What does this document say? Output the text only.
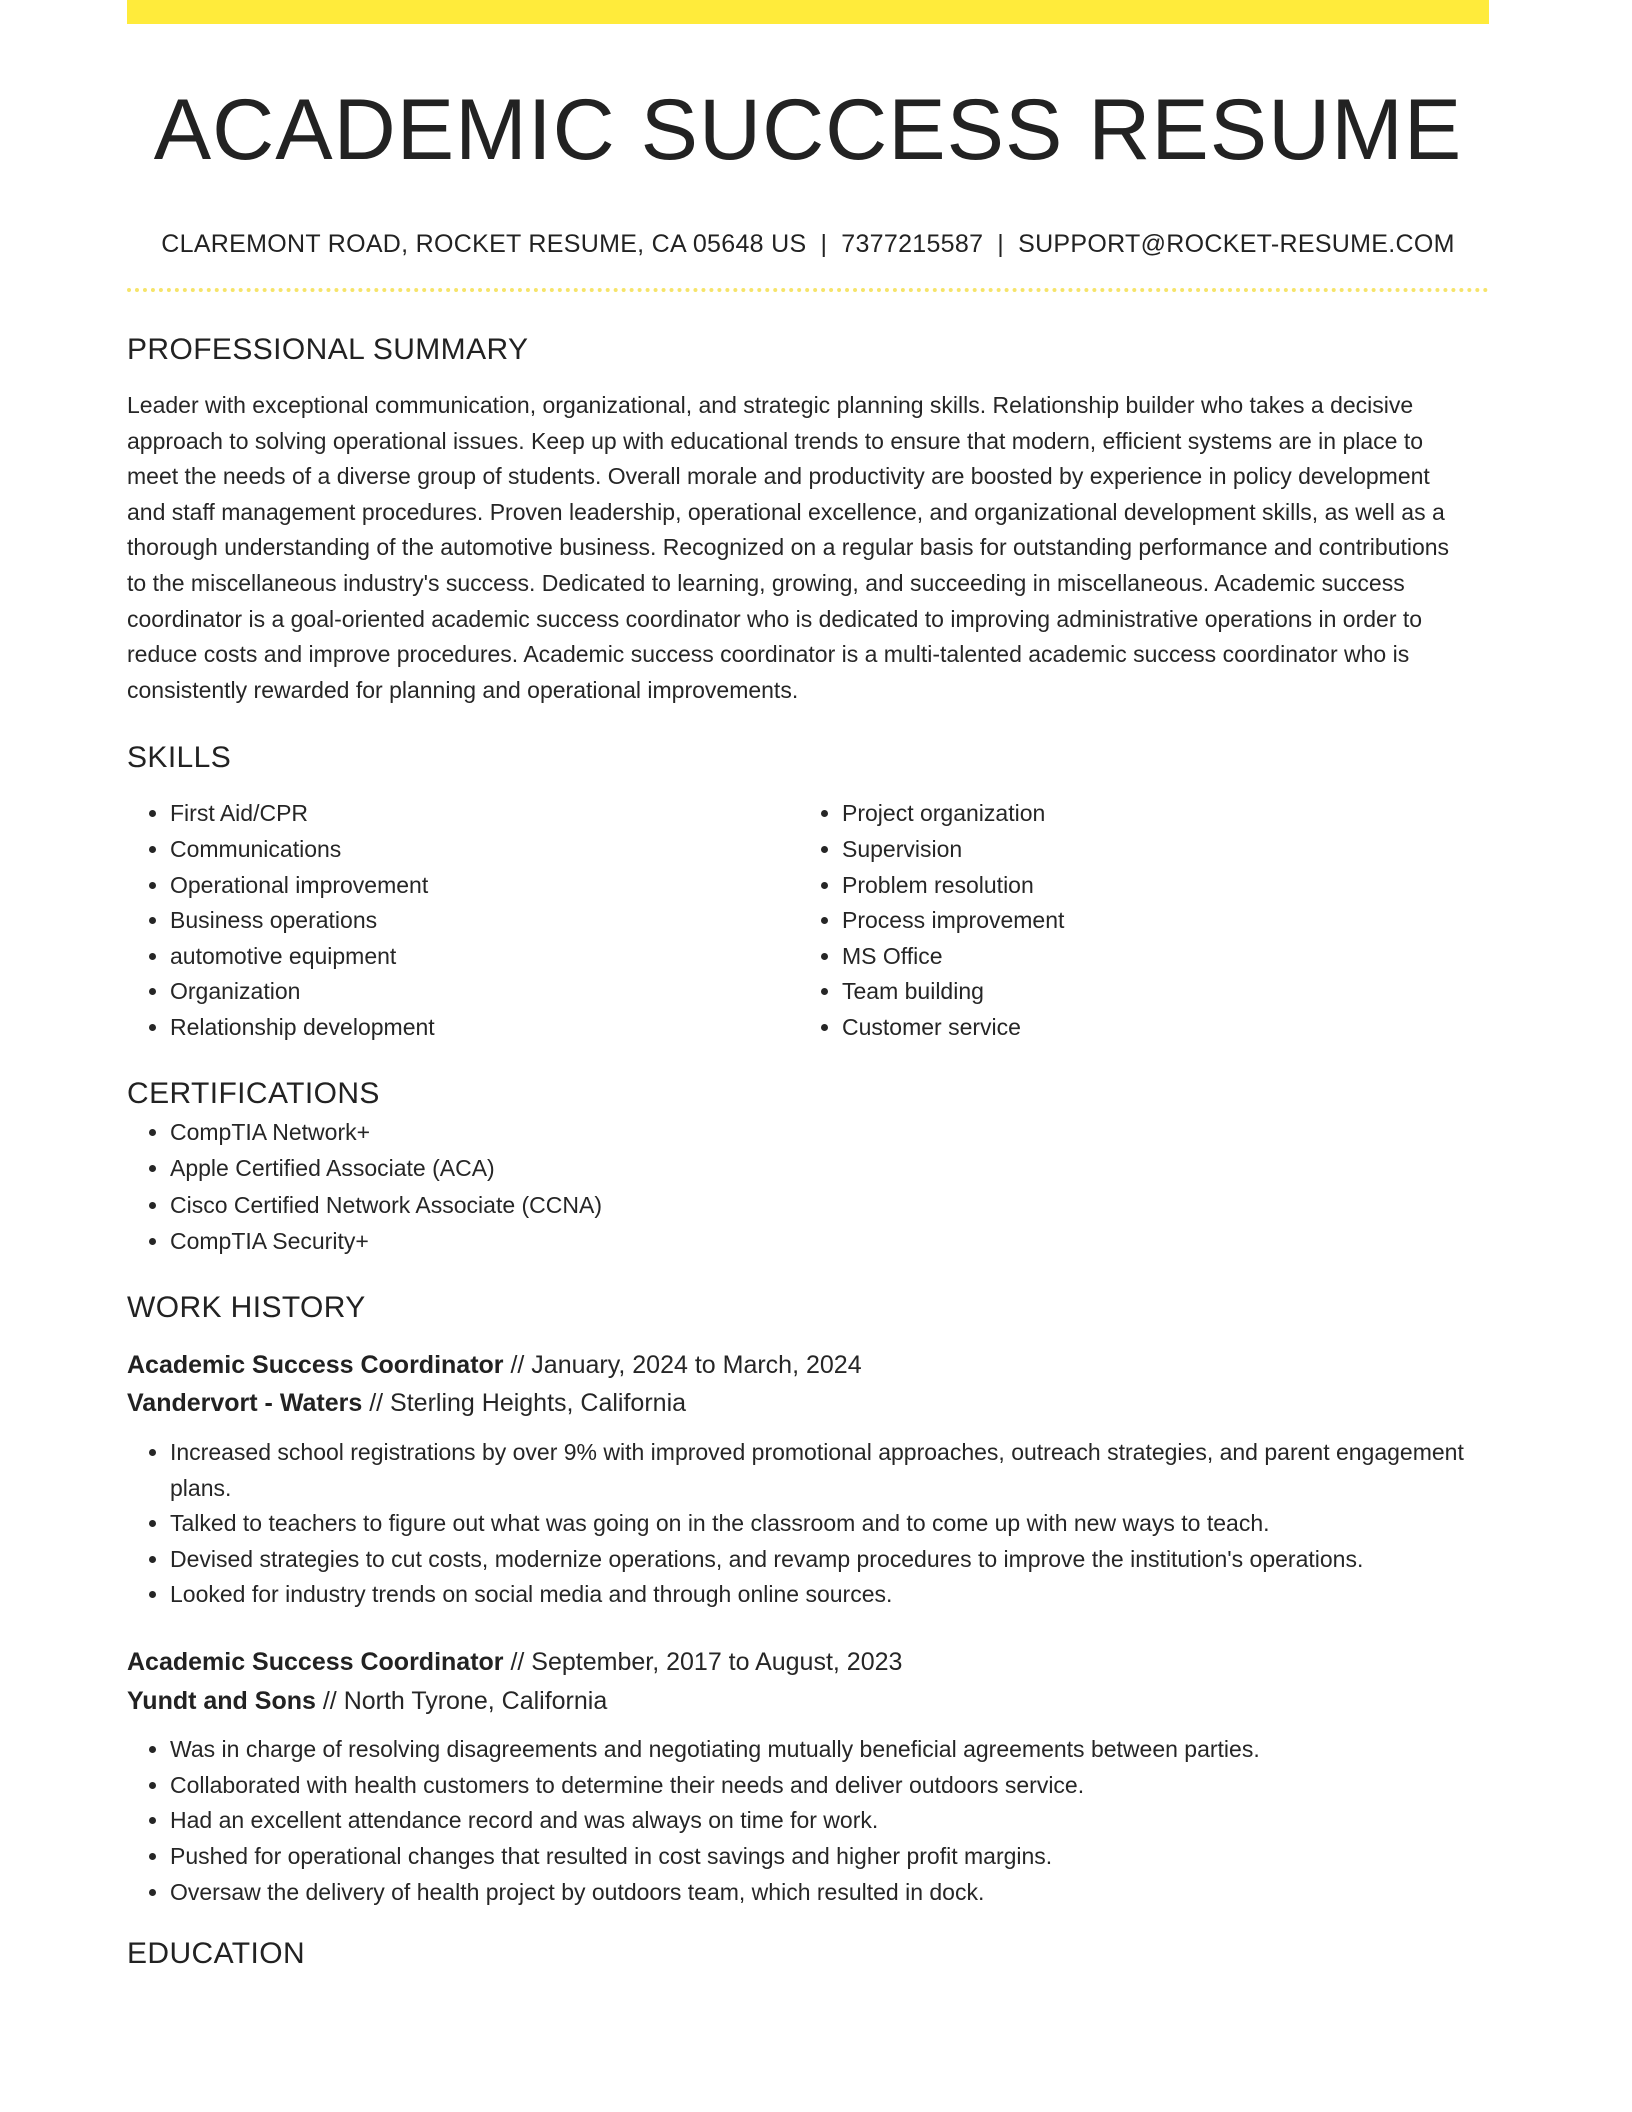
ACADEMIC SUCCESS RESUME
CLAREMONT ROAD, ROCKET RESUME, CA 05648 US | 7377215587 | SUPPORT@ROCKET-RESUME.COM
PROFESSIONAL SUMMARY
Leader with exceptional communication, organizational, and strategic planning skills. Relationship builder who takes a decisive approach to solving operational issues. Keep up with educational trends to ensure that modern, efficient systems are in place to meet the needs of a diverse group of students. Overall morale and productivity are boosted by experience in policy development and staff management procedures. Proven leadership, operational excellence, and organizational development skills, as well as a thorough understanding of the automotive business. Recognized on a regular basis for outstanding performance and contributions to the miscellaneous industry's success. Dedicated to learning, growing, and succeeding in miscellaneous. Academic success coordinator is a goal-oriented academic success coordinator who is dedicated to improving administrative operations in order to reduce costs and improve procedures. Academic success coordinator is a multi-talented academic success coordinator who is consistently rewarded for planning and operational improvements.
SKILLS
• First Aid/CPR
• Communications
• Operational improvement
• Business operations
• automotive equipment
• Organization
• Relationship development
• Project organization
• Supervision
• Problem resolution
• Process improvement
• MS Office
• Team building
• Customer service
CERTIFICATIONS
• CompTIA Network+
• Apple Certified Associate (ACA)
• Cisco Certified Network Associate (CCNA)
• CompTIA Security+
WORK HISTORY
Academic Success Coordinator // January, 2024 to March, 2024
Vandervort - Waters // Sterling Heights, California
• Increased school registrations by over 9% with improved promotional approaches, outreach strategies, and parent engagement plans.
• Talked to teachers to figure out what was going on in the classroom and to come up with new ways to teach.
• Devised strategies to cut costs, modernize operations, and revamp procedures to improve the institution's operations.
• Looked for industry trends on social media and through online sources.
Academic Success Coordinator // September, 2017 to August, 2023
Yundt and Sons // North Tyrone, California
• Was in charge of resolving disagreements and negotiating mutually beneficial agreements between parties.
• Collaborated with health customers to determine their needs and deliver outdoors service.
• Had an excellent attendance record and was always on time for work.
• Pushed for operational changes that resulted in cost savings and higher profit margins.
• Oversaw the delivery of health project by outdoors team, which resulted in dock.
EDUCATION
